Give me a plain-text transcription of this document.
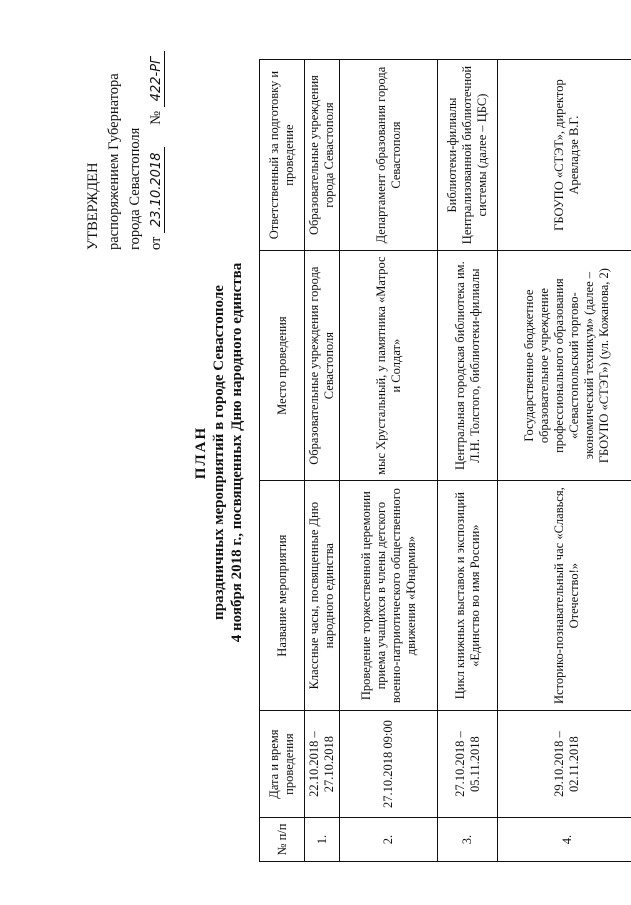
УТВЕРЖДЕН распоряжением Губернатора города Севастополя от 23.10.2018      № 422-РГ
ПЛАН праздничных мероприятий в городе Севастополе 4 ноября 2018 г., посвященных Дню народного единства
№ п/п	Дата и время проведения	Название мероприятия	Место проведения	Ответственный за подготовку и проведение
1.	22.10.2018 – 27.10.2018	Классные часы, посвященные Дню народного единства	Образовательные учреждения города Севастополя	Образовательные учреждения города Севастополя
2.	27.10.2018 09:00	Проведение торжественной церемонии приема учащихся в члены детского военно-патриотического общественного движения «Юнармия»	мыс Хрустальный, у памятника «Матрос и Солдат»	Департамент образования города Севастополя
3.	27.10.2018 – 05.11.2018	Цикл книжных выставок и экспозиций «Единство во имя России»	Центральная городская библиотека им. Л.Н. Толстого, библиотеки-филиалы	Библиотеки-филиалы Централизованной библиотечной системы (далее – ЦБС)
4.	29.10.2018 – 02.11.2018	Историко-познавательный час «Славься, Отечество!»	Государственное бюджетное образовательное учреждение профессионального образования «Севастопольский торгово-экономический техникум» (далее – ГБОУПО «СТЭТ») (ул. Кожанова, 2)	ГБОУПО «СТЭТ», директор Аревладзе В.Г.
